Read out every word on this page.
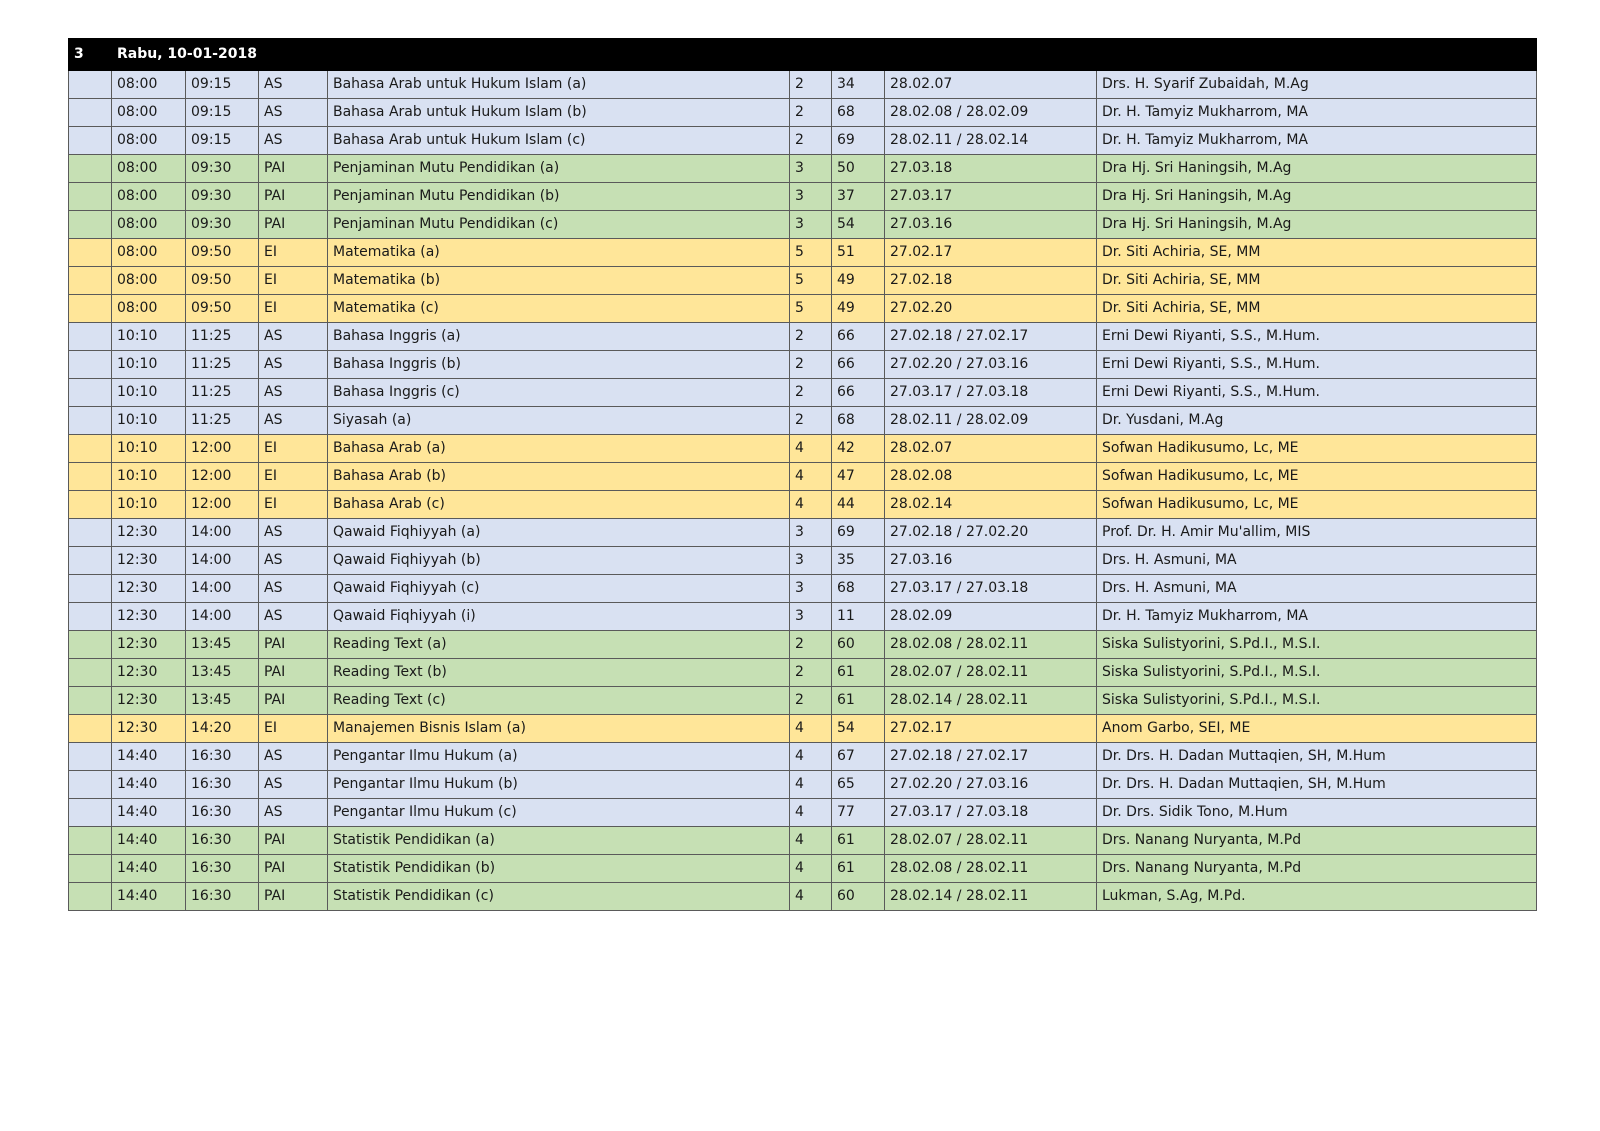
3	Rabu, 10-01-2018							
	08:00	09:15	AS	Bahasa Arab untuk Hukum Islam (a)	2	34	28.02.07	Drs. H. Syarif Zubaidah, M.Ag
	08:00	09:15	AS	Bahasa Arab untuk Hukum Islam (b)	2	68	28.02.08 / 28.02.09	Dr. H. Tamyiz Mukharrom, MA
	08:00	09:15	AS	Bahasa Arab untuk Hukum Islam (c)	2	69	28.02.11 / 28.02.14	Dr. H. Tamyiz Mukharrom, MA
	08:00	09:30	PAI	Penjaminan Mutu Pendidikan (a)	3	50	27.03.18	Dra Hj. Sri Haningsih, M.Ag
	08:00	09:30	PAI	Penjaminan Mutu Pendidikan (b)	3	37	27.03.17	Dra Hj. Sri Haningsih, M.Ag
	08:00	09:30	PAI	Penjaminan Mutu Pendidikan (c)	3	54	27.03.16	Dra Hj. Sri Haningsih, M.Ag
	08:00	09:50	EI	Matematika (a)	5	51	27.02.17	Dr. Siti Achiria, SE, MM
	08:00	09:50	EI	Matematika (b)	5	49	27.02.18	Dr. Siti Achiria, SE, MM
	08:00	09:50	EI	Matematika (c)	5	49	27.02.20	Dr. Siti Achiria, SE, MM
	10:10	11:25	AS	Bahasa Inggris (a)	2	66	27.02.18 / 27.02.17	Erni Dewi Riyanti, S.S., M.Hum.
	10:10	11:25	AS	Bahasa Inggris (b)	2	66	27.02.20 / 27.03.16	Erni Dewi Riyanti, S.S., M.Hum.
	10:10	11:25	AS	Bahasa Inggris (c)	2	66	27.03.17 / 27.03.18	Erni Dewi Riyanti, S.S., M.Hum.
	10:10	11:25	AS	Siyasah (a)	2	68	28.02.11 / 28.02.09	Dr. Yusdani, M.Ag
	10:10	12:00	EI	Bahasa Arab (a)	4	42	28.02.07	Sofwan Hadikusumo, Lc, ME
	10:10	12:00	EI	Bahasa Arab (b)	4	47	28.02.08	Sofwan Hadikusumo, Lc, ME
	10:10	12:00	EI	Bahasa Arab (c)	4	44	28.02.14	Sofwan Hadikusumo, Lc, ME
	12:30	14:00	AS	Qawaid Fiqhiyyah (a)	3	69	27.02.18 / 27.02.20	Prof. Dr. H. Amir Mu'allim, MIS
	12:30	14:00	AS	Qawaid Fiqhiyyah (b)	3	35	27.03.16	Drs. H. Asmuni, MA
	12:30	14:00	AS	Qawaid Fiqhiyyah (c)	3	68	27.03.17 / 27.03.18	Drs. H. Asmuni, MA
	12:30	14:00	AS	Qawaid Fiqhiyyah (i)	3	11	28.02.09	Dr. H. Tamyiz Mukharrom, MA
	12:30	13:45	PAI	Reading Text (a)	2	60	28.02.08 / 28.02.11	Siska Sulistyorini, S.Pd.I., M.S.I.
	12:30	13:45	PAI	Reading Text (b)	2	61	28.02.07 / 28.02.11	Siska Sulistyorini, S.Pd.I., M.S.I.
	12:30	13:45	PAI	Reading Text (c)	2	61	28.02.14 / 28.02.11	Siska Sulistyorini, S.Pd.I., M.S.I.
	12:30	14:20	EI	Manajemen Bisnis Islam (a)	4	54	27.02.17	Anom Garbo, SEI, ME
	14:40	16:30	AS	Pengantar Ilmu Hukum (a)	4	67	27.02.18 / 27.02.17	Dr. Drs. H. Dadan Muttaqien, SH, M.Hum
	14:40	16:30	AS	Pengantar Ilmu Hukum (b)	4	65	27.02.20 / 27.03.16	Dr. Drs. H. Dadan Muttaqien, SH, M.Hum
	14:40	16:30	AS	Pengantar Ilmu Hukum (c)	4	77	27.03.17 / 27.03.18	Dr. Drs. Sidik Tono, M.Hum
	14:40	16:30	PAI	Statistik Pendidikan (a)	4	61	28.02.07 / 28.02.11	Drs. Nanang Nuryanta, M.Pd
	14:40	16:30	PAI	Statistik Pendidikan (b)	4	61	28.02.08 / 28.02.11	Drs. Nanang Nuryanta, M.Pd
	14:40	16:30	PAI	Statistik Pendidikan (c)	4	60	28.02.14 / 28.02.11	Lukman, S.Ag, M.Pd.
